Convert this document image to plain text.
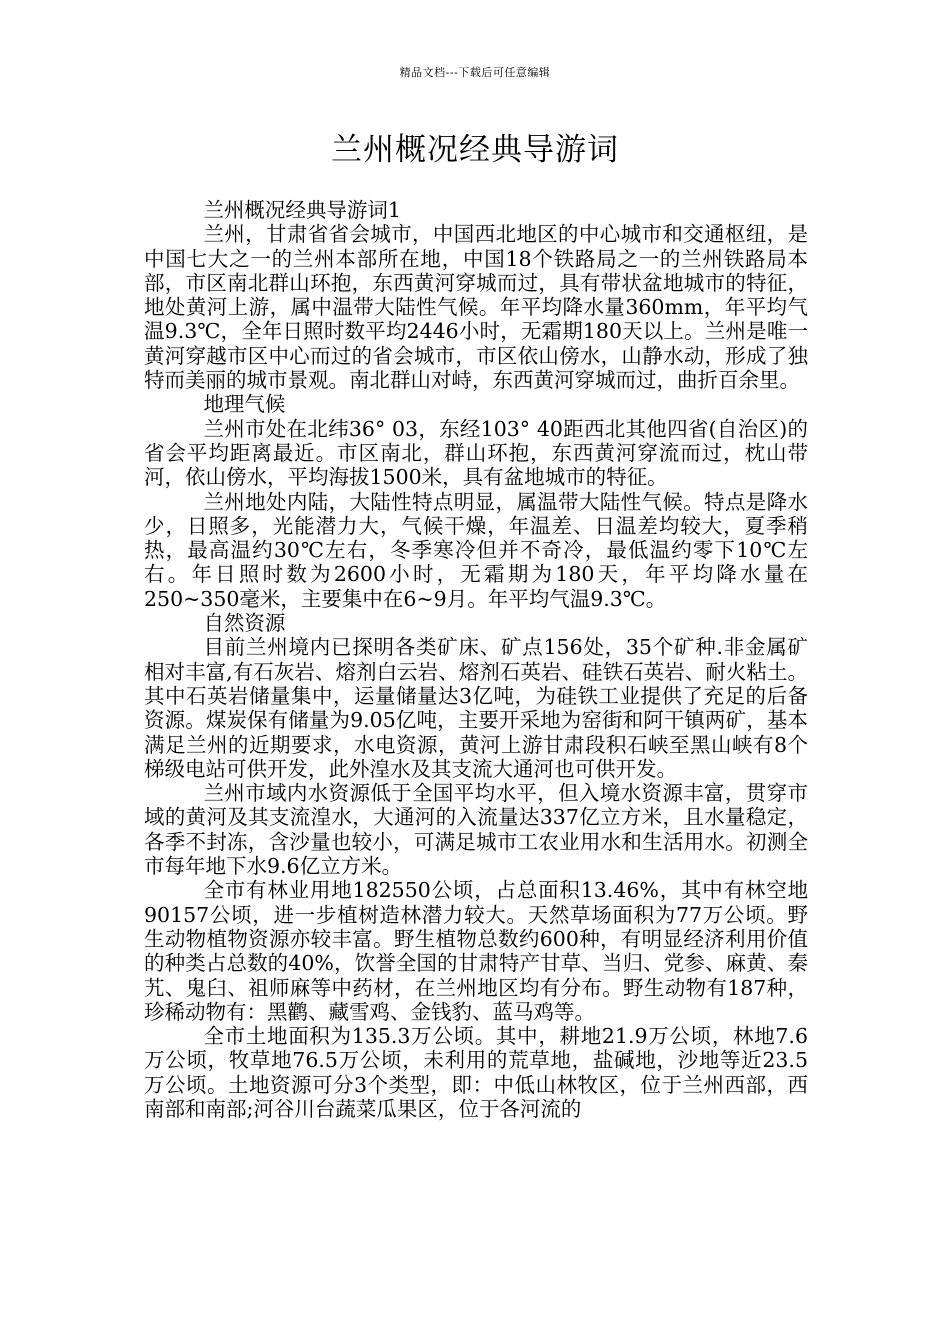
精品文档---下载后可任意编辑
兰州概况经典导游词

兰州概况经典导游词1

兰州，甘肃省省会城市，中国西北地区的中心城市和交通枢纽，是中国七大之一的兰州本部所在地，中国18个铁路局之一的兰州铁路局本部，市区南北群山环抱，东西黄河穿城而过，具有带状盆地城市的特征，地处黄河上游，属中温带大陆性气候。年平均降水量360mm，年平均气温9.3℃，全年日照时数平均2446小时，无霜期180天以上。兰州是唯一黄河穿越市区中心而过的省会城市，市区依山傍水，山静水动，形成了独特而美丽的城市景观。南北群山对峙，东西黄河穿城而过，曲折百余里。

地理气候

兰州市处在北纬36° 03，东经103° 40距西北其他四省(自治区)的省会平均距离最近。市区南北，群山环抱，东西黄河穿流而过，枕山带河，依山傍水，平均海拔1500米，具有盆地城市的特征。

兰州地处内陆，大陆性特点明显，属温带大陆性气候。特点是降水少，日照多，光能潜力大，气候干燥，年温差、日温差均较大，夏季稍热，最高温约30℃左右，冬季寒冷但并不奇冷，最低温约零下10℃左右。年日照时数为2600小时，无霜期为180天，年平均降水量在250~350毫米，主要集中在6~9月。年平均气温9.3℃。

自然资源

目前兰州境内已探明各类矿床、矿点156处，35个矿种.非金属矿相对丰富,有石灰岩、熔剂白云岩、熔剂石英岩、硅铁石英岩、耐火粘土。其中石英岩储量集中，运量储量达3亿吨，为硅铁工业提供了充足的后备资源。煤炭保有储量为9.05亿吨，主要开采地为窑街和阿干镇两矿，基本满足兰州的近期要求，水电资源，黄河上游甘肃段积石峡至黑山峡有8个梯级电站可供开发，此外湟水及其支流大通河也可供开发。

兰州市域内水资源低于全国平均水平，但入境水资源丰富，贯穿市域的黄河及其支流湟水，大通河的入流量达337亿立方米，且水量稳定，各季不封冻，含沙量也较小，可满足城市工农业用水和生活用水。初测全市每年地下水9.6亿立方米。

全市有林业用地182550公顷，占总面积13.46%，其中有林空地90157公顷，进一步植树造林潜力较大。天然草场面积为77万公顷。野生动物植物资源亦较丰富。野生植物总数约600种，有明显经济利用价值的种类占总数的40%，饮誉全国的甘肃特产甘草、当归、党参、麻黄、秦艽、鬼臼、祖师麻等中药材，在兰州地区均有分布。野生动物有187种，珍稀动物有：黑鹳、藏雪鸡、金钱豹、蓝马鸡等。

全市土地面积为135.3万公顷。其中，耕地21.9万公顷，林地7.6万公顷，牧草地76.5万公顷，未利用的荒草地，盐碱地，沙地等近23.5万公顷。土地资源可分3个类型，即：中低山林牧区，位于兰州西部，西南部和南部;河谷川台蔬菜瓜果区，位于各河流的
